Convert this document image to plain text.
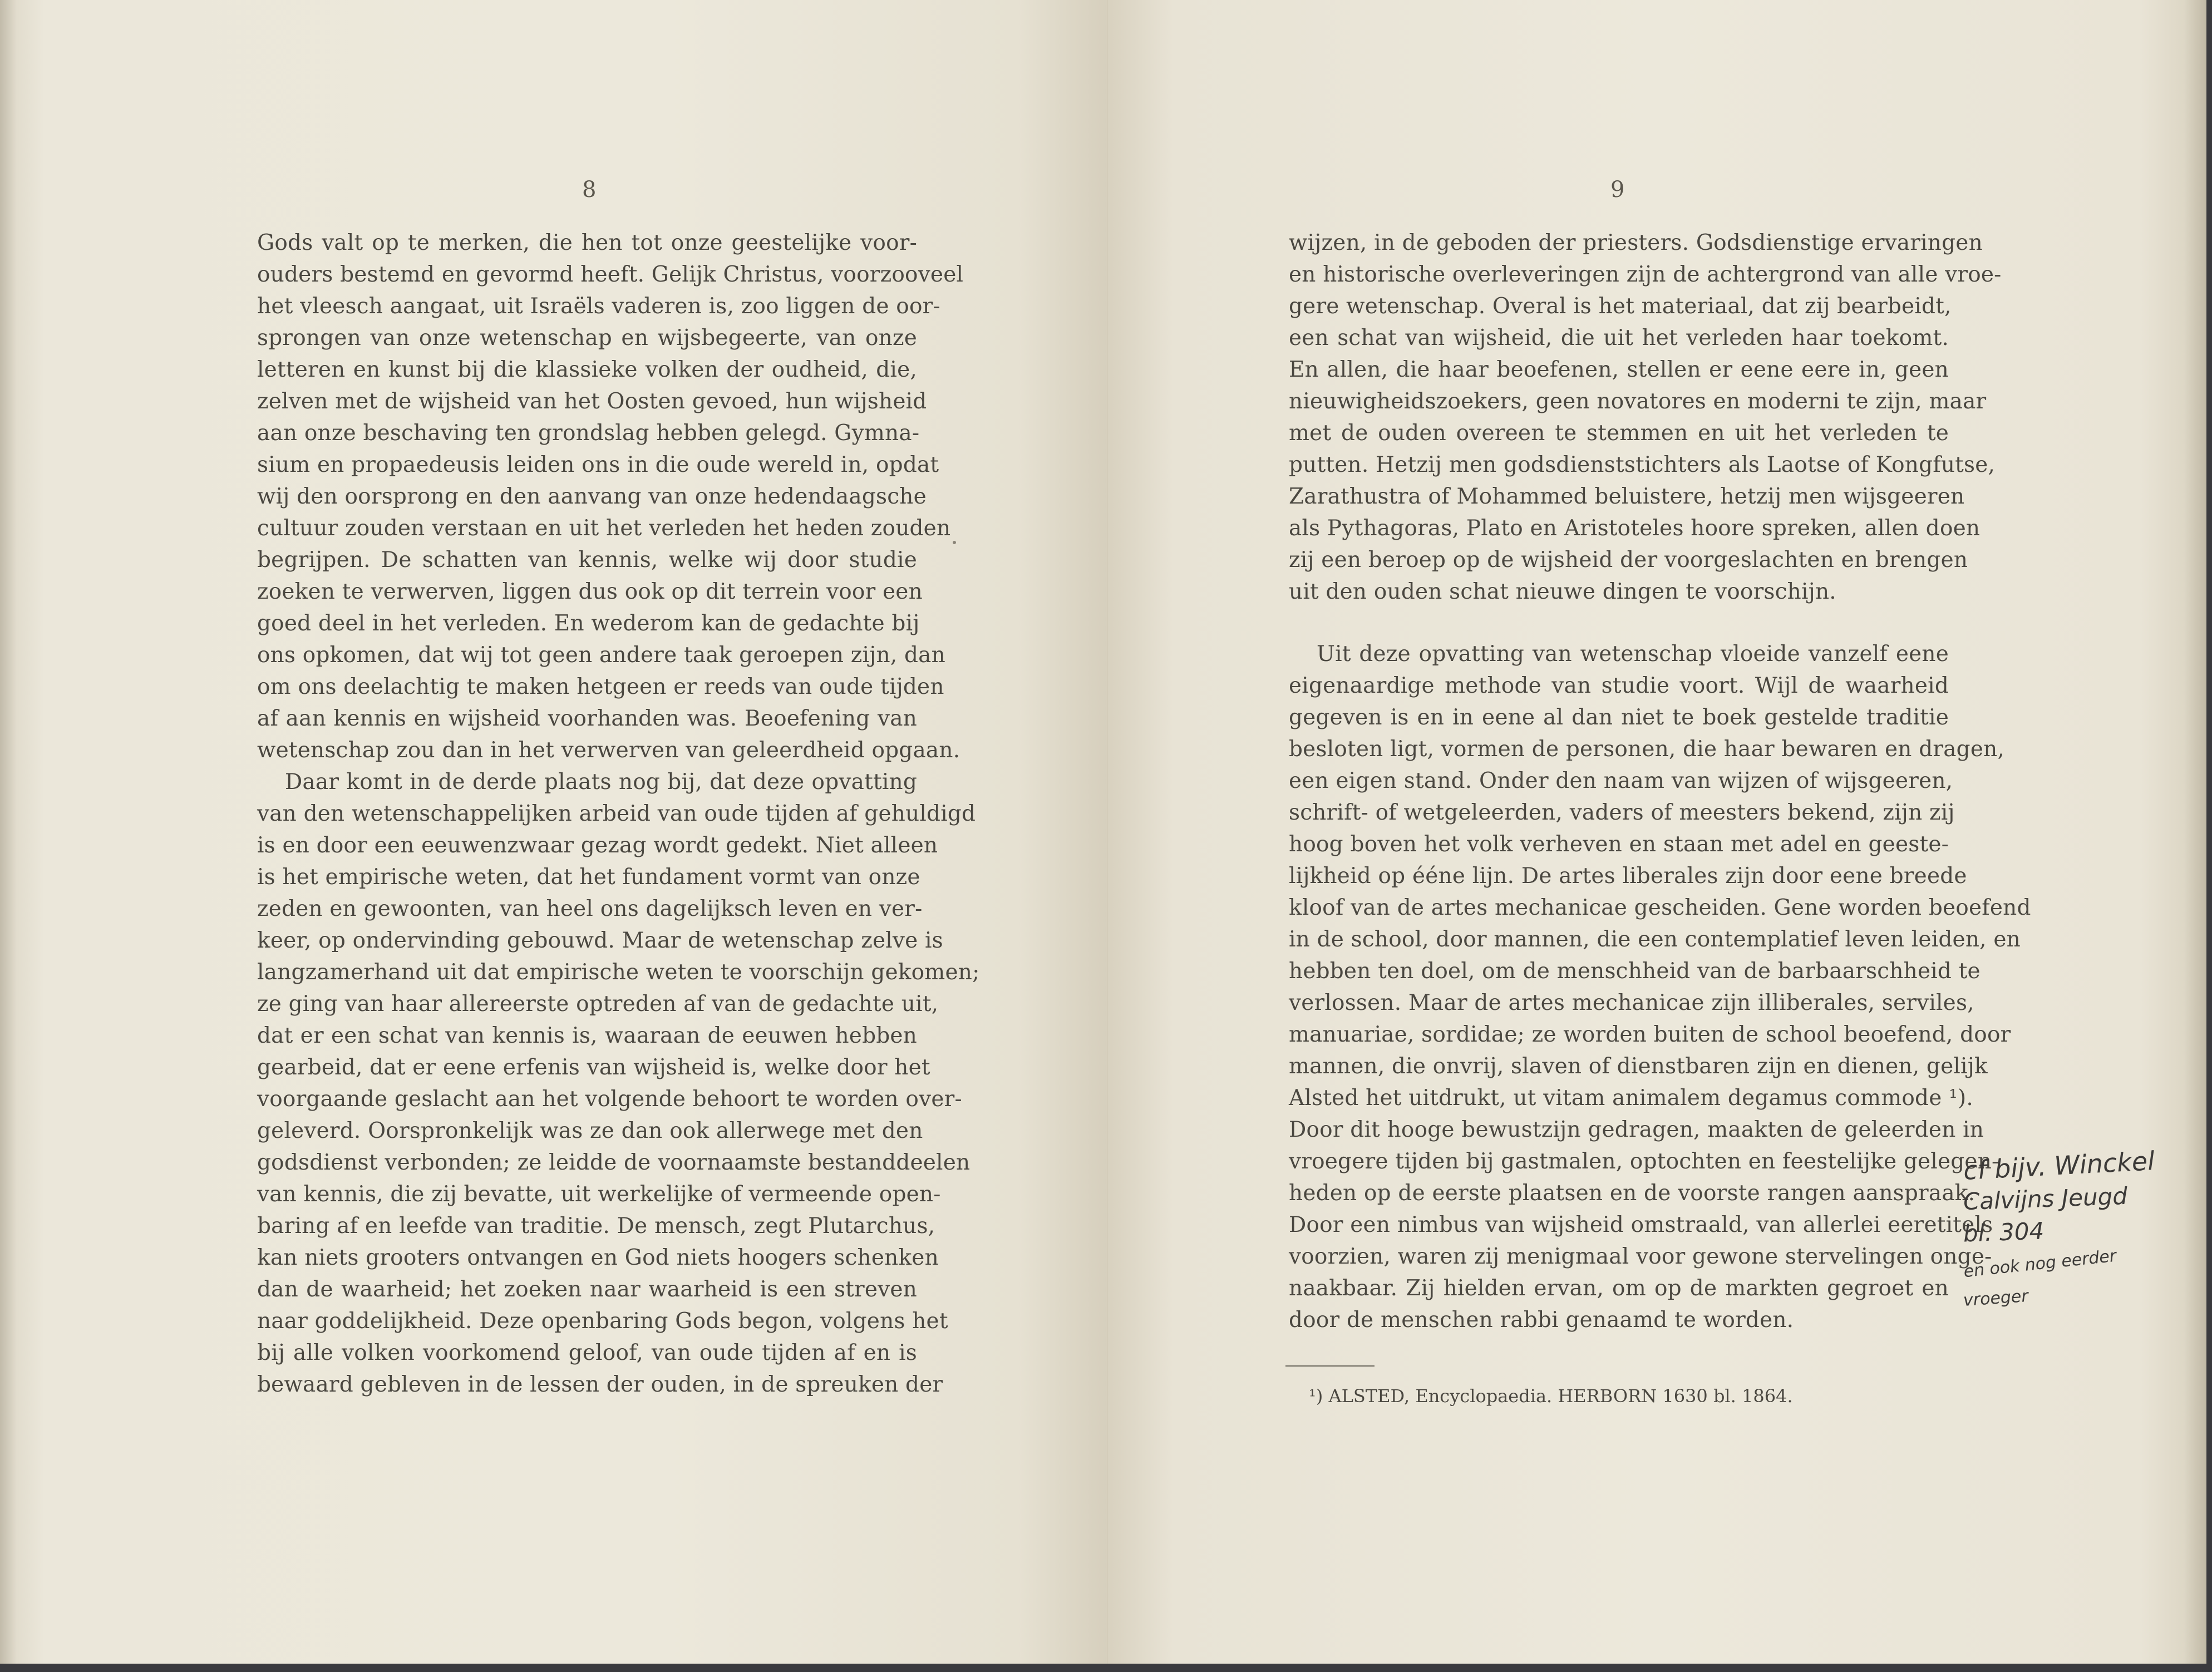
8
Gods valt op te merken, die hen tot onze geestelijke voor-
ouders bestemd en gevormd heeft. Gelijk Christus, voorzooveel
het vleesch aangaat, uit Israëls vaderen is, zoo liggen de oor-
sprongen van onze wetenschap en wijsbegeerte, van onze
letteren en kunst bij die klassieke volken der oudheid, die,
zelven met de wijsheid van het Oosten gevoed, hun wijsheid
aan onze beschaving ten grondslag hebben gelegd. Gymna-
sium en propaedeusis leiden ons in die oude wereld in, opdat
wij den oorsprong en den aanvang van onze hedendaagsche
cultuur zouden verstaan en uit het verleden het heden zouden
begrijpen. De schatten van kennis, welke wij door studie
zoeken te verwerven, liggen dus ook op dit terrein voor een
goed deel in het verleden. En wederom kan de gedachte bij
ons opkomen, dat wij tot geen andere taak geroepen zijn, dan
om ons deelachtig te maken hetgeen er reeds van oude tijden
af aan kennis en wijsheid voorhanden was. Beoefening van
wetenschap zou dan in het verwerven van geleerdheid opgaan.
Daar komt in de derde plaats nog bij, dat deze opvatting
van den wetenschappelijken arbeid van oude tijden af gehuldigd
is en door een eeuwenzwaar gezag wordt gedekt. Niet alleen
is het empirische weten, dat het fundament vormt van onze
zeden en gewoonten, van heel ons dagelijksch leven en ver-
keer, op ondervinding gebouwd. Maar de wetenschap zelve is
langzamerhand uit dat empirische weten te voorschijn gekomen;
ze ging van haar allereerste optreden af van de gedachte uit,
dat er een schat van kennis is, waaraan de eeuwen hebben
gearbeid, dat er eene erfenis van wijsheid is, welke door het
voorgaande geslacht aan het volgende behoort te worden over-
geleverd. Oorspronkelijk was ze dan ook allerwege met den
godsdienst verbonden; ze leidde de voornaamste bestanddeelen
van kennis, die zij bevatte, uit werkelijke of vermeende open-
baring af en leefde van traditie. De mensch, zegt Plutarchus,
kan niets grooters ontvangen en God niets hoogers schenken
dan de waarheid; het zoeken naar waarheid is een streven
naar goddelijkheid. Deze openbaring Gods begon, volgens het
bij alle volken voorkomend geloof, van oude tijden af en is
bewaard gebleven in de lessen der ouden, in de spreuken der
9
wijzen, in de geboden der priesters. Godsdienstige ervaringen
en historische overleveringen zijn de achtergrond van alle vroe-
gere wetenschap. Overal is het materiaal, dat zij bearbeidt,
een schat van wijsheid, die uit het verleden haar toekomt.
En allen, die haar beoefenen, stellen er eene eere in, geen
nieuwigheidszoekers, geen novatores en moderni te zijn, maar
met de ouden overeen te stemmen en uit het verleden te
putten. Hetzij men godsdienststichters als Laotse of Kongfutse,
Zarathustra of Mohammed beluistere, hetzij men wijsgeeren
als Pythagoras, Plato en Aristoteles hoore spreken, allen doen
zij een beroep op de wijsheid der voorgeslachten en brengen
uit den ouden schat nieuwe dingen te voorschijn.
Uit deze opvatting van wetenschap vloeide vanzelf eene
eigenaardige methode van studie voort. Wijl de waarheid
gegeven is en in eene al dan niet te boek gestelde traditie
besloten ligt, vormen de personen, die haar bewaren en dragen,
een eigen stand. Onder den naam van wijzen of wijsgeeren,
schrift- of wetgeleerden, vaders of meesters bekend, zijn zij
hoog boven het volk verheven en staan met adel en geeste-
lijkheid op ééne lijn. De artes liberales zijn door eene breede
kloof van de artes mechanicae gescheiden. Gene worden beoefend
in de school, door mannen, die een contemplatief leven leiden, en
hebben ten doel, om de menschheid van de barbaarschheid te
verlossen. Maar de artes mechanicae zijn illiberales, serviles,
manuariae, sordidae; ze worden buiten de school beoefend, door
mannen, die onvrij, slaven of dienstbaren zijn en dienen, gelijk
Alsted het uitdrukt, ut vitam animalem degamus commode ¹).
Door dit hooge bewustzijn gedragen, maakten de geleerden in
vroegere tijden bij gastmalen, optochten en feestelijke gelegen-
heden op de eerste plaatsen en de voorste rangen aanspraak.
Door een nimbus van wijsheid omstraald, van allerlei eeretitels
voorzien, waren zij menigmaal voor gewone stervelingen onge-
naakbaar. Zij hielden ervan, om op de markten gegroet en
door de menschen rabbi genaamd te worden.
¹) ALSTED, Encyclopaedia. HERBORN 1630 bl. 1864.
cf bijv. Winckel
Calvijns Jeugd
bl. 304
en ook nog eerder
vroeger
